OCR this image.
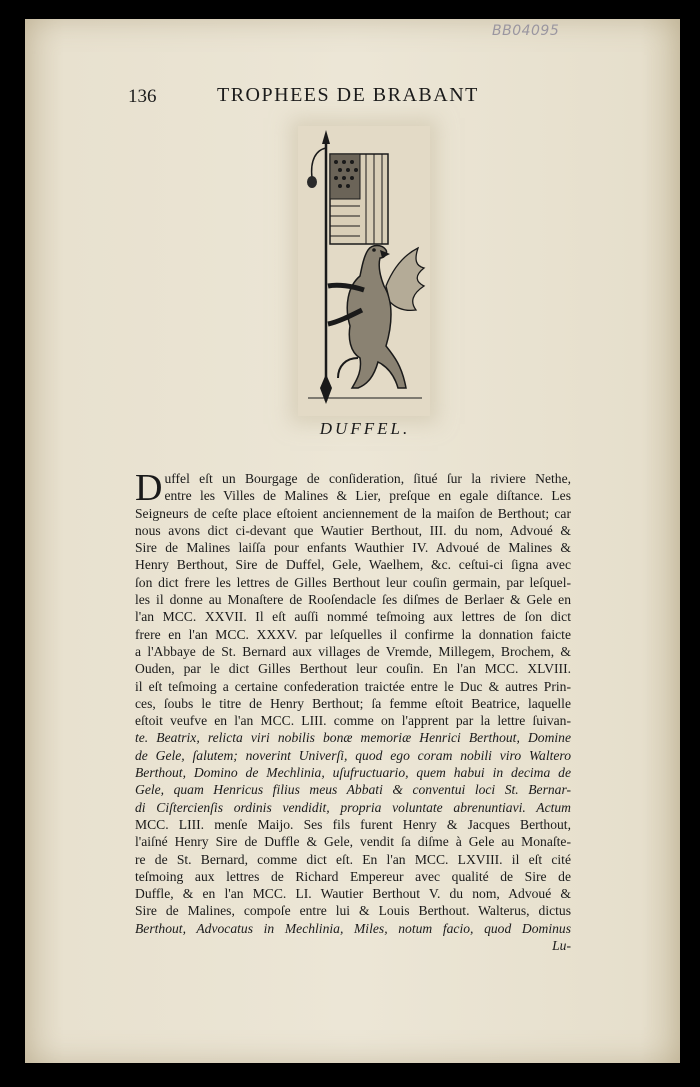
BB04095
136	TROPHEES DE BRABANT
DUFFEL.
D uffel eſt un Bourgage de conſideration, ſitué ſur la riviere Nethe,
entre les Villes de Malines & Lier, preſque en egale diſtance. Les
Seigneurs de ceſte place eſtoient anciennement de la maiſon de Berthout; car
nous avons dict ci-devant que Wautier Berthout, III. du nom, Advoué &
Sire de Malines laiſſa pour enfants Wauthier IV. Advoué de Malines &
Henry Berthout, Sire de Duffel, Gele, Waelhem, &c. ceſtui-ci ſigna avec
ſon dict frere les lettres de Gilles Berthout leur couſin germain, par leſquel-
les il donne au Monaſtere de Rooſendacle ſes diſmes de Berlaer & Gele en
l'an MCC. XXVII. Il eſt auſſi nommé teſmoing aux lettres de ſon dict
frere en l'an MCC. XXXV. par leſquelles il confirme la donnation faicte
a l'Abbaye de St. Bernard aux villages de Vremde, Millegem, Brochem, &
Ouden, par le dict Gilles Berthout leur couſin. En l'an MCC. XLVIII.
il eſt teſmoing a certaine confederation traictée entre le Duc & autres Prin-
ces, ſoubs le titre de Henry Berthout; ſa femme eſtoit Beatrice, laquelle
eſtoit veufve en l'an MCC. LIII. comme on l'apprent par la lettre ſuivan-
te. Beatrix, relicta viri nobilis bonæ memoriæ Henrici Berthout, Domine
de Gele, ſalutem; noverint Univerſi, quod ego coram nobili viro Waltero
Berthout, Domino de Mechlinia, uſufructuario, quem habui in decima de
Gele, quam Henricus filius meus Abbati & conventui loci St. Bernar-
di Ciſtercienſis ordinis vendidit, propria voluntate abrenuntiavi. Actum
MCC. LIII. menſe Maijo. Ses fils furent Henry & Jacques Berthout,
l'aiſné Henry Sire de Duffle & Gele, vendit ſa diſme à Gele au Monaſte-
re de St. Bernard, comme dict eſt. En l'an MCC. LXVIII. il eſt cité
teſmoing aux lettres de Richard Empereur avec qualité de Sire de
Duffle, & en l'an MCC. LI. Wautier Berthout V. du nom, Advoué &
Sire de Malines, compoſe entre lui & Louis Berthout. Walterus, dictus
Berthout, Advocatus in Mechlinia, Miles, notum facio, quod Dominus
Lu-
